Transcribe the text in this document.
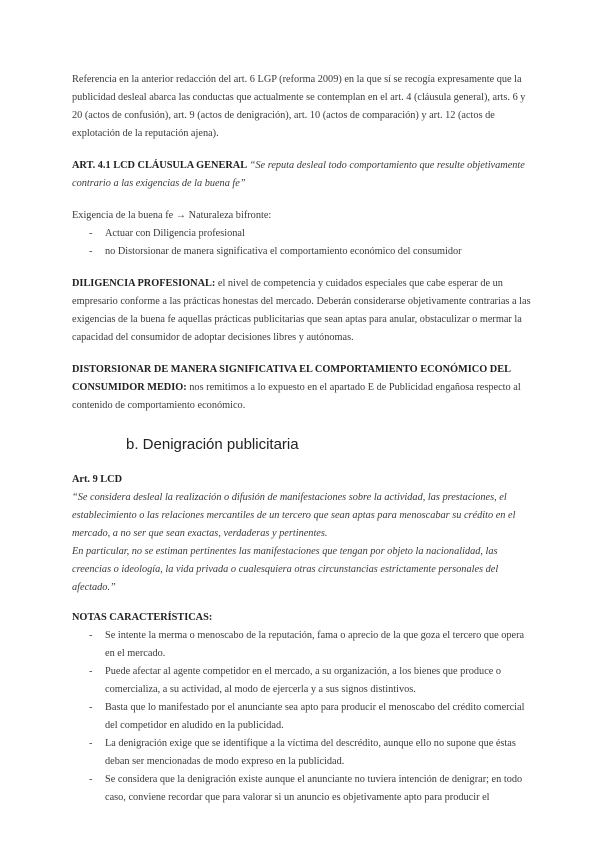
Referencia en la anterior redacción del art. 6 LGP (reforma 2009) en la que sí se recogía expresamente que la publicidad desleal abarca las conductas que actualmente se contemplan en el art. 4 (cláusula general), arts. 6 y 20 (actos de confusión), art. 9 (actos de denigración), art. 10 (actos de comparación) y art. 12 (actos de explotación de la reputación ajena).

ART. 4.1 LCD CLÁUSULA GENERAL “Se reputa desleal todo comportamiento que resulte objetivamente contrario a las exigencias de la buena fe”

Exigencia de la buena fe → Naturaleza bifronte:

- Actuar con Diligencia profesional
- no Distorsionar de manera significativa el comportamiento económico del consumidor

DILIGENCIA PROFESIONAL: el nivel de competencia y cuidados especiales que cabe esperar de un empresario conforme a las prácticas honestas del mercado. Deberán considerarse objetivamente contrarias a las exigencias de la buena fe aquellas prácticas publicitarias que sean aptas para anular, obstaculizar o mermar la capacidad del consumidor de adoptar decisiones libres y autónomas.

DISTORSIONAR DE MANERA SIGNIFICATIVA EL COMPORTAMIENTO ECONÓMICO DEL CONSUMIDOR MEDIO: nos remitimos a lo expuesto en el apartado E de Publicidad engañosa respecto al contenido de comportamiento económico.

b. Denigración publicitaria

Art. 9 LCD

“Se considera desleal la realización o difusión de manifestaciones sobre la actividad, las prestaciones, el establecimiento o las relaciones mercantiles de un tercero que sean aptas para menoscabar su crédito en el mercado, a no ser que sean exactas, verdaderas y pertinentes.

En particular, no se estiman pertinentes las manifestaciones que tengan por objeto la nacionalidad, las creencias o ideología, la vida privada o cualesquiera otras circunstancias estrictamente personales del afectado.”

NOTAS CARACTERÍSTICAS:

- Se intente la merma o menoscabo de la reputación, fama o aprecio de la que goza el tercero que opera en el mercado.
- Puede afectar al agente competidor en el mercado, a su organización, a los bienes que produce o comercializa, a su actividad, al modo de ejercerla y a sus signos distintivos.
- Basta que lo manifestado por el anunciante sea apto para producir el menoscabo del crédito comercial del competidor en aludido en la publicidad.
- La denigración exige que se identifique a la víctima del descrédito, aunque ello no supone que éstas deban ser mencionadas de modo expreso en la publicidad.
- Se considera que la denigración existe aunque el anunciante no tuviera intención de denigrar; en todo caso, conviene recordar que para valorar si un anuncio es objetivamente apto para producir el
